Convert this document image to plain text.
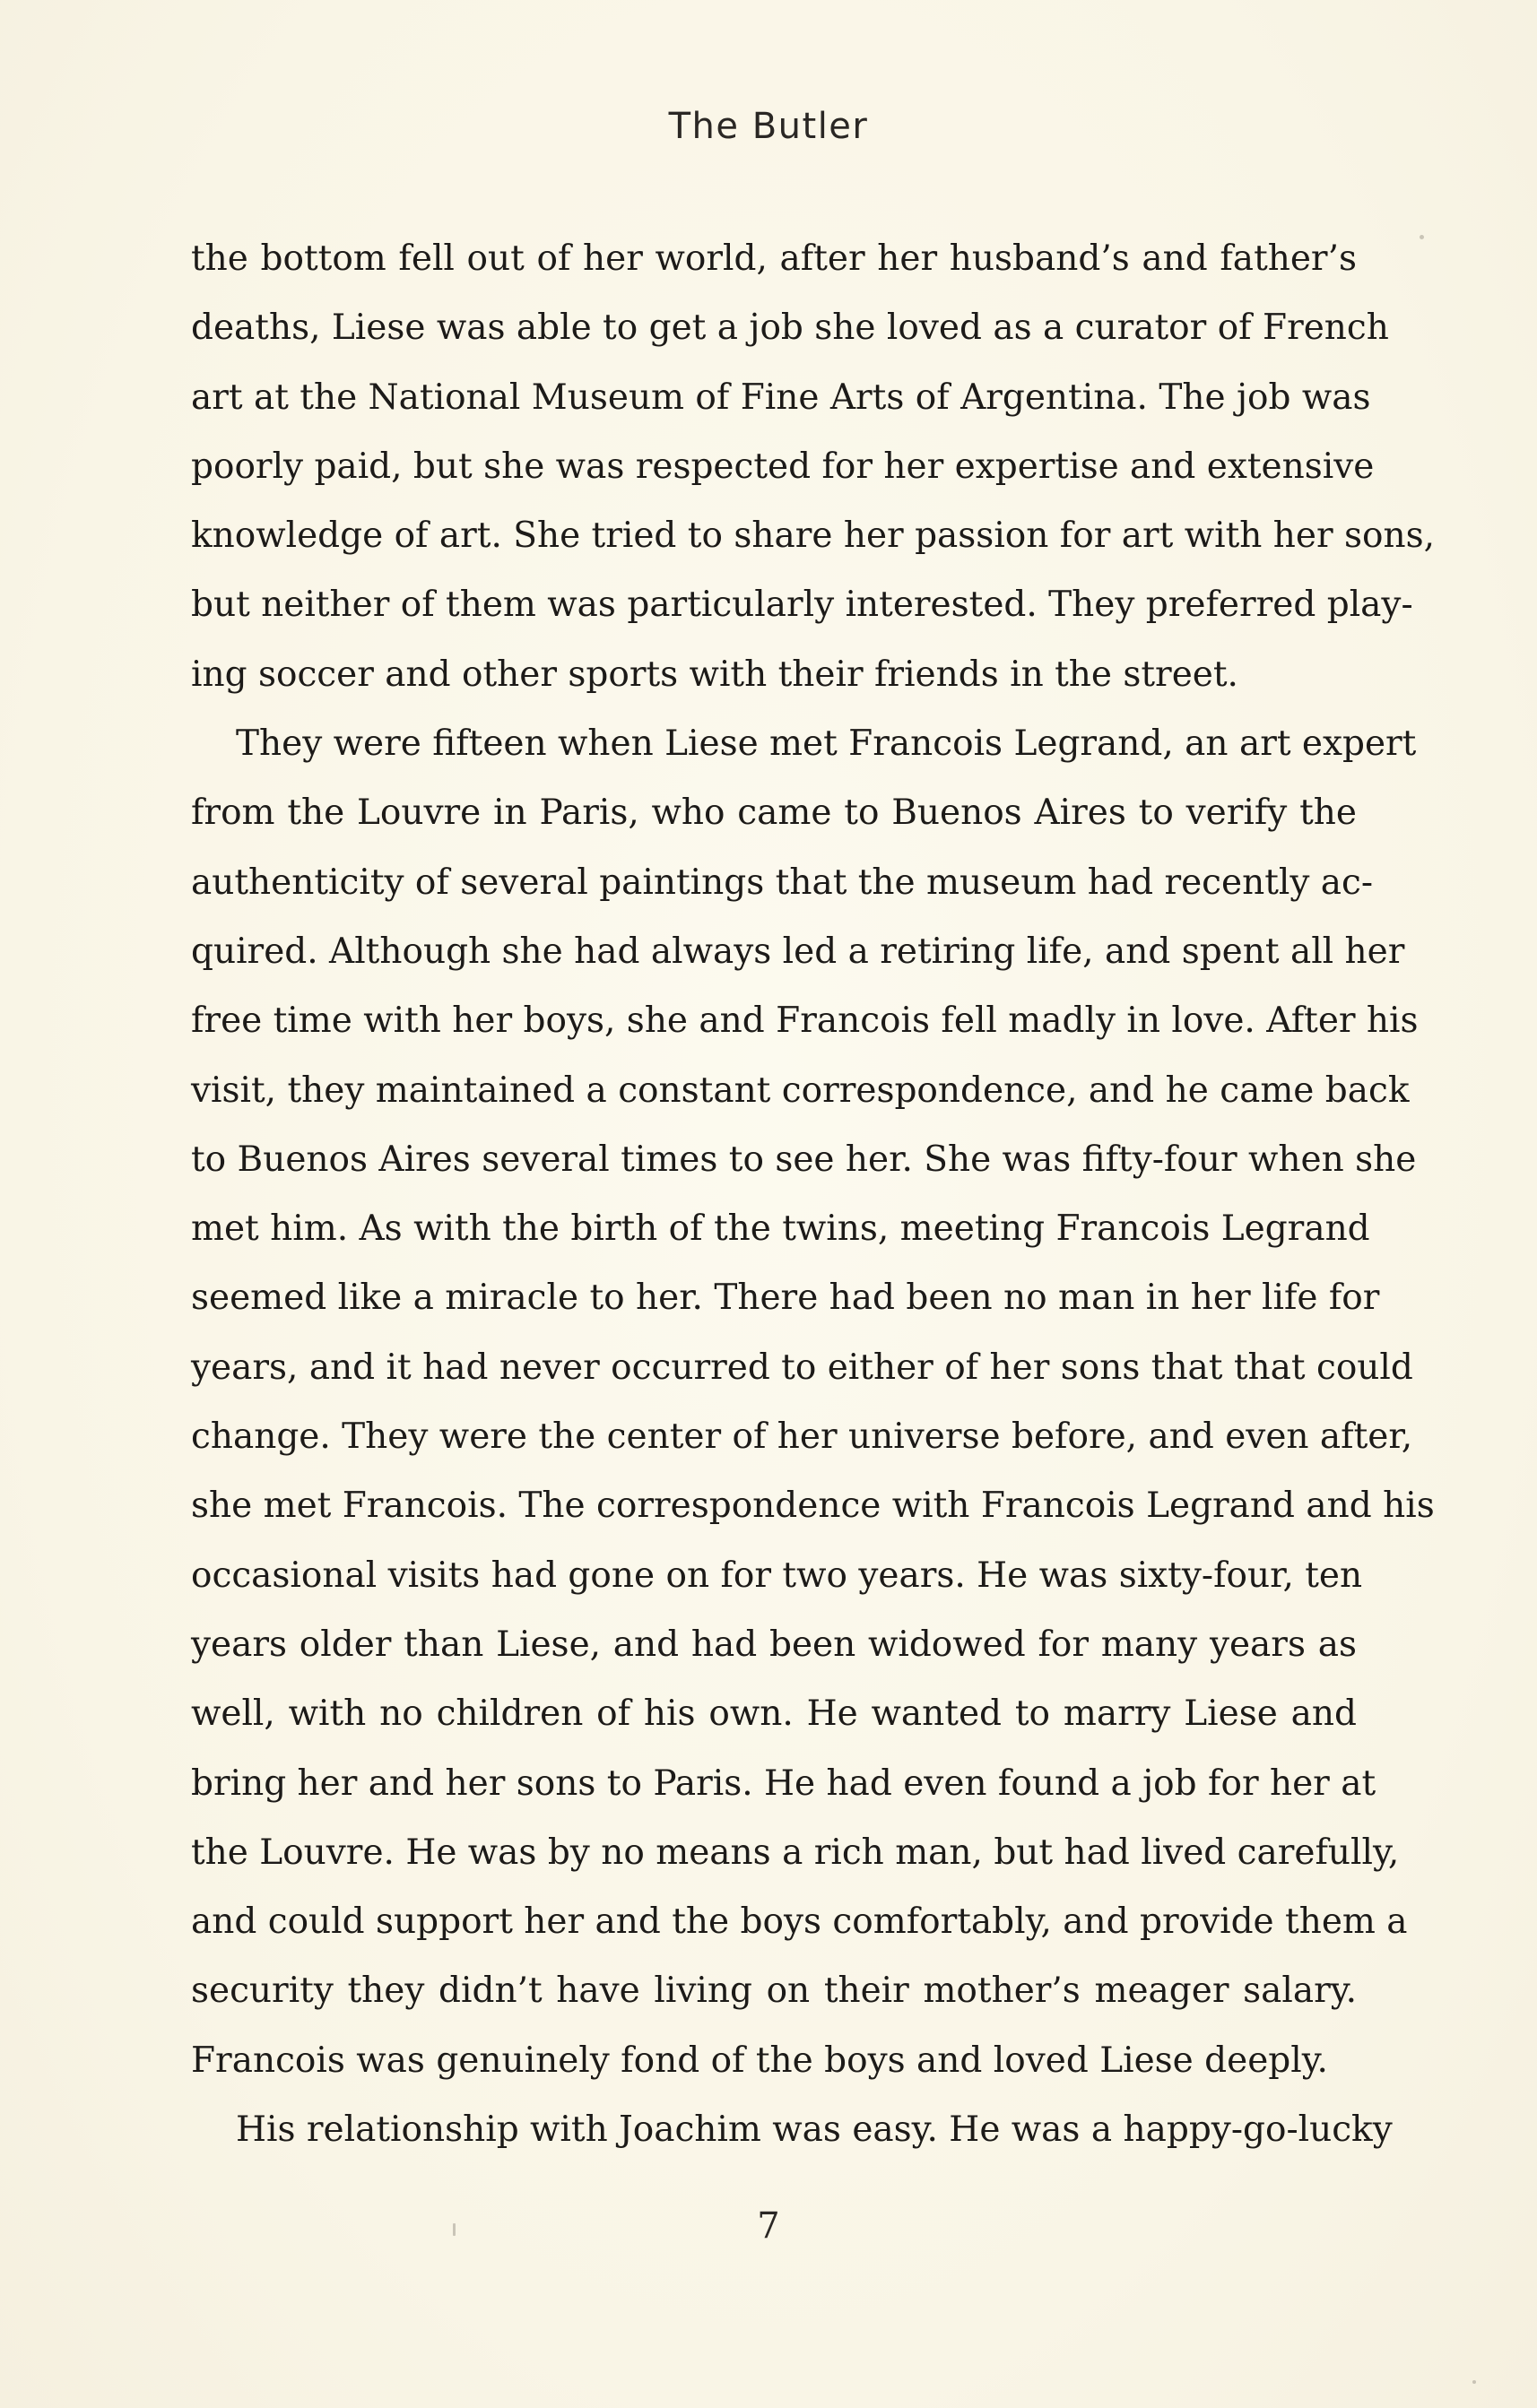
The Butler
the bottom fell out of her world, after her husband’s and father’s
deaths, Liese was able to get a job she loved as a curator of French
art at the National Museum of Fine Arts of Argentina. The job was
poorly paid, but she was respected for her expertise and extensive
knowledge of art. She tried to share her passion for art with her sons,
but neither of them was particularly interested. They preferred play-
ing soccer and other sports with their friends in the street.
They were fifteen when Liese met Francois Legrand, an art expert
from the Louvre in Paris, who came to Buenos Aires to verify the
authenticity of several paintings that the museum had recently ac-
quired. Although she had always led a retiring life, and spent all her
free time with her boys, she and Francois fell madly in love. After his
visit, they maintained a constant correspondence, and he came back
to Buenos Aires several times to see her. She was fifty-four when she
met him. As with the birth of the twins, meeting Francois Legrand
seemed like a miracle to her. There had been no man in her life for
years, and it had never occurred to either of her sons that that could
change. They were the center of her universe before, and even after,
she met Francois. The correspondence with Francois Legrand and his
occasional visits had gone on for two years. He was sixty-four, ten
years older than Liese, and had been widowed for many years as
well, with no children of his own. He wanted to marry Liese and
bring her and her sons to Paris. He had even found a job for her at
the Louvre. He was by no means a rich man, but had lived carefully,
and could support her and the boys comfortably, and provide them a
security they didn’t have living on their mother’s meager salary.
Francois was genuinely fond of the boys and loved Liese deeply.
His relationship with Joachim was easy. He was a happy-go-lucky
7
